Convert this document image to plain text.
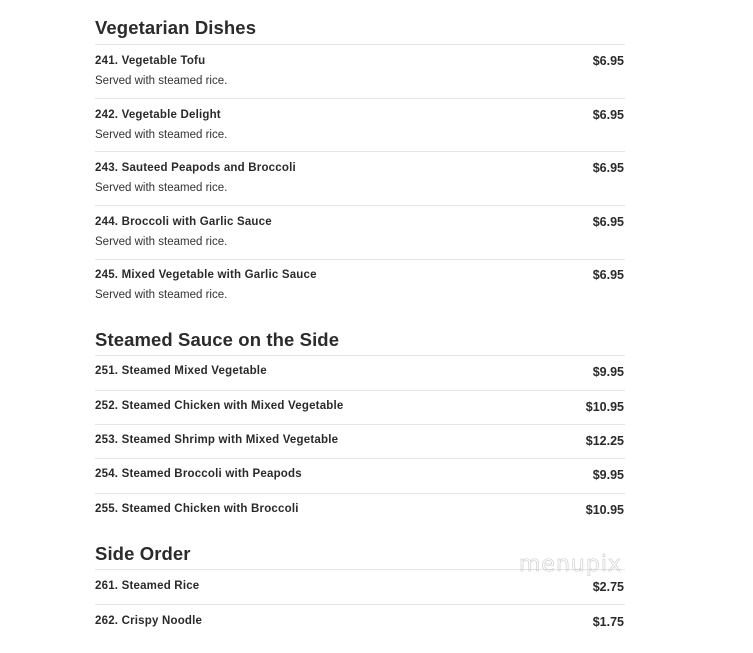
Vegetarian Dishes
241. Vegetable Tofu	$6.95
Served with steamed rice.
242. Vegetable Delight	$6.95
Served with steamed rice.
243. Sauteed Peapods and Broccoli	$6.95
Served with steamed rice.
244. Broccoli with Garlic Sauce	$6.95
Served with steamed rice.
245. Mixed Vegetable with Garlic Sauce	$6.95
Served with steamed rice.
Steamed Sauce on the Side
251. Steamed Mixed Vegetable	$9.95
252. Steamed Chicken with Mixed Vegetable	$10.95
253. Steamed Shrimp with Mixed Vegetable	$12.25
254. Steamed Broccoli with Peapods	$9.95
255. Steamed Chicken with Broccoli	$10.95
Side Order
261. Steamed Rice	$2.75
262. Crispy Noodle	$1.75
menupix
